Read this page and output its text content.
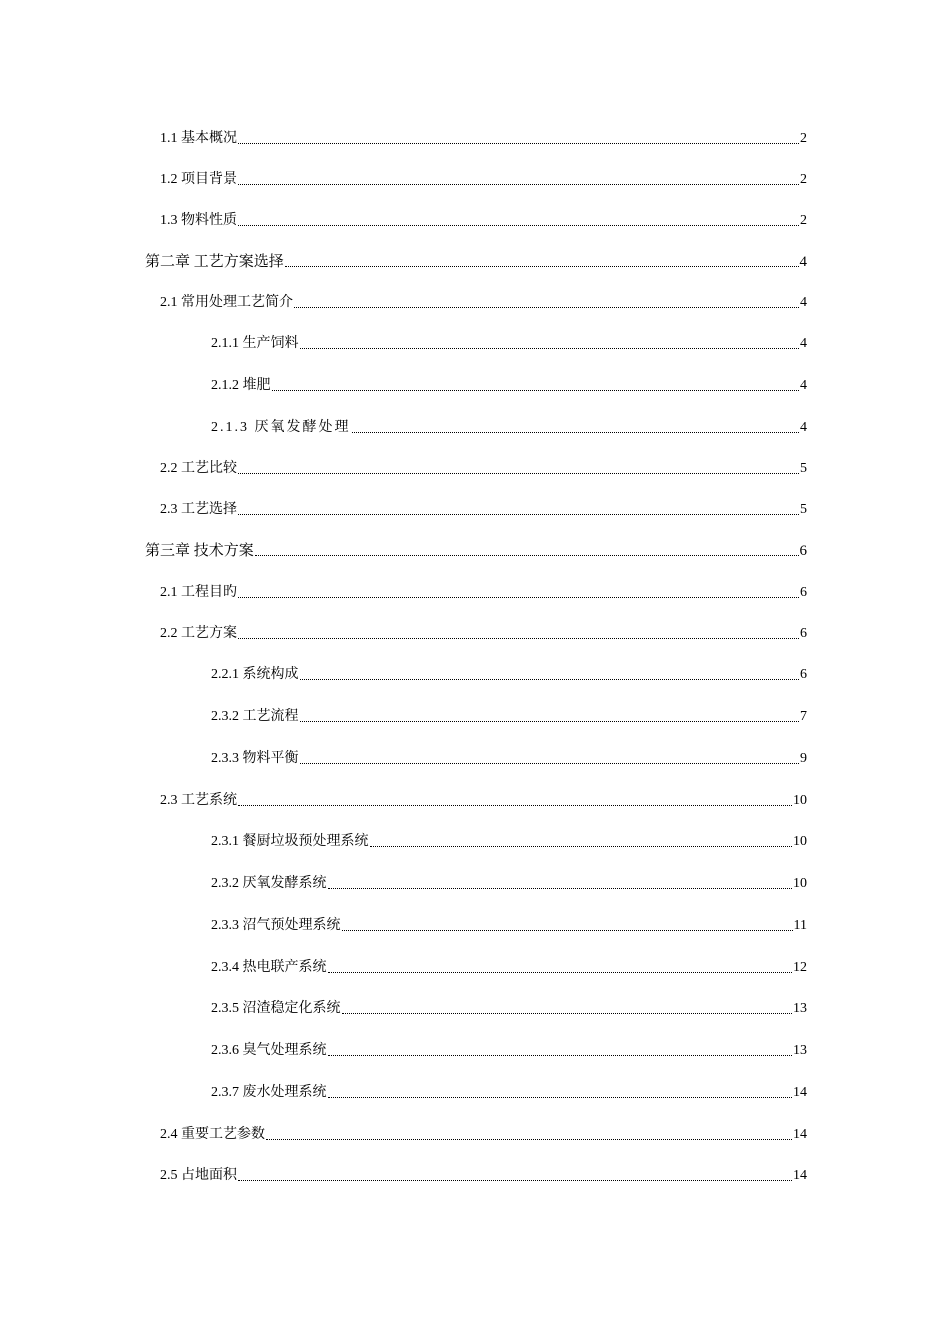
1.1 基本概况	2
1.2 项目背景	2
1.3 物料性质	2
第二章 工艺方案选择	4
2.1 常用处理工艺简介	4
2.1.1 生产饲料	4
2.1.2 堆肥	4
2.1.3 厌氧发酵处理	4
2.2 工艺比较	5
2.3 工艺选择	5
第三章 技术方案	6
2.1 工程目旳	6
2.2 工艺方案	6
2.2.1 系统构成	6
2.3.2 工艺流程	7
2.3.3 物料平衡	9
2.3 工艺系统	10
2.3.1 餐厨垃圾预处理系统	10
2.3.2 厌氧发酵系统	10
2.3.3 沼气预处理系统	11
2.3.4 热电联产系统	12
2.3.5 沼渣稳定化系统	13
2.3.6 臭气处理系统	13
2.3.7 废水处理系统	14
2.4 重要工艺参数	14
2.5 占地面积	14
